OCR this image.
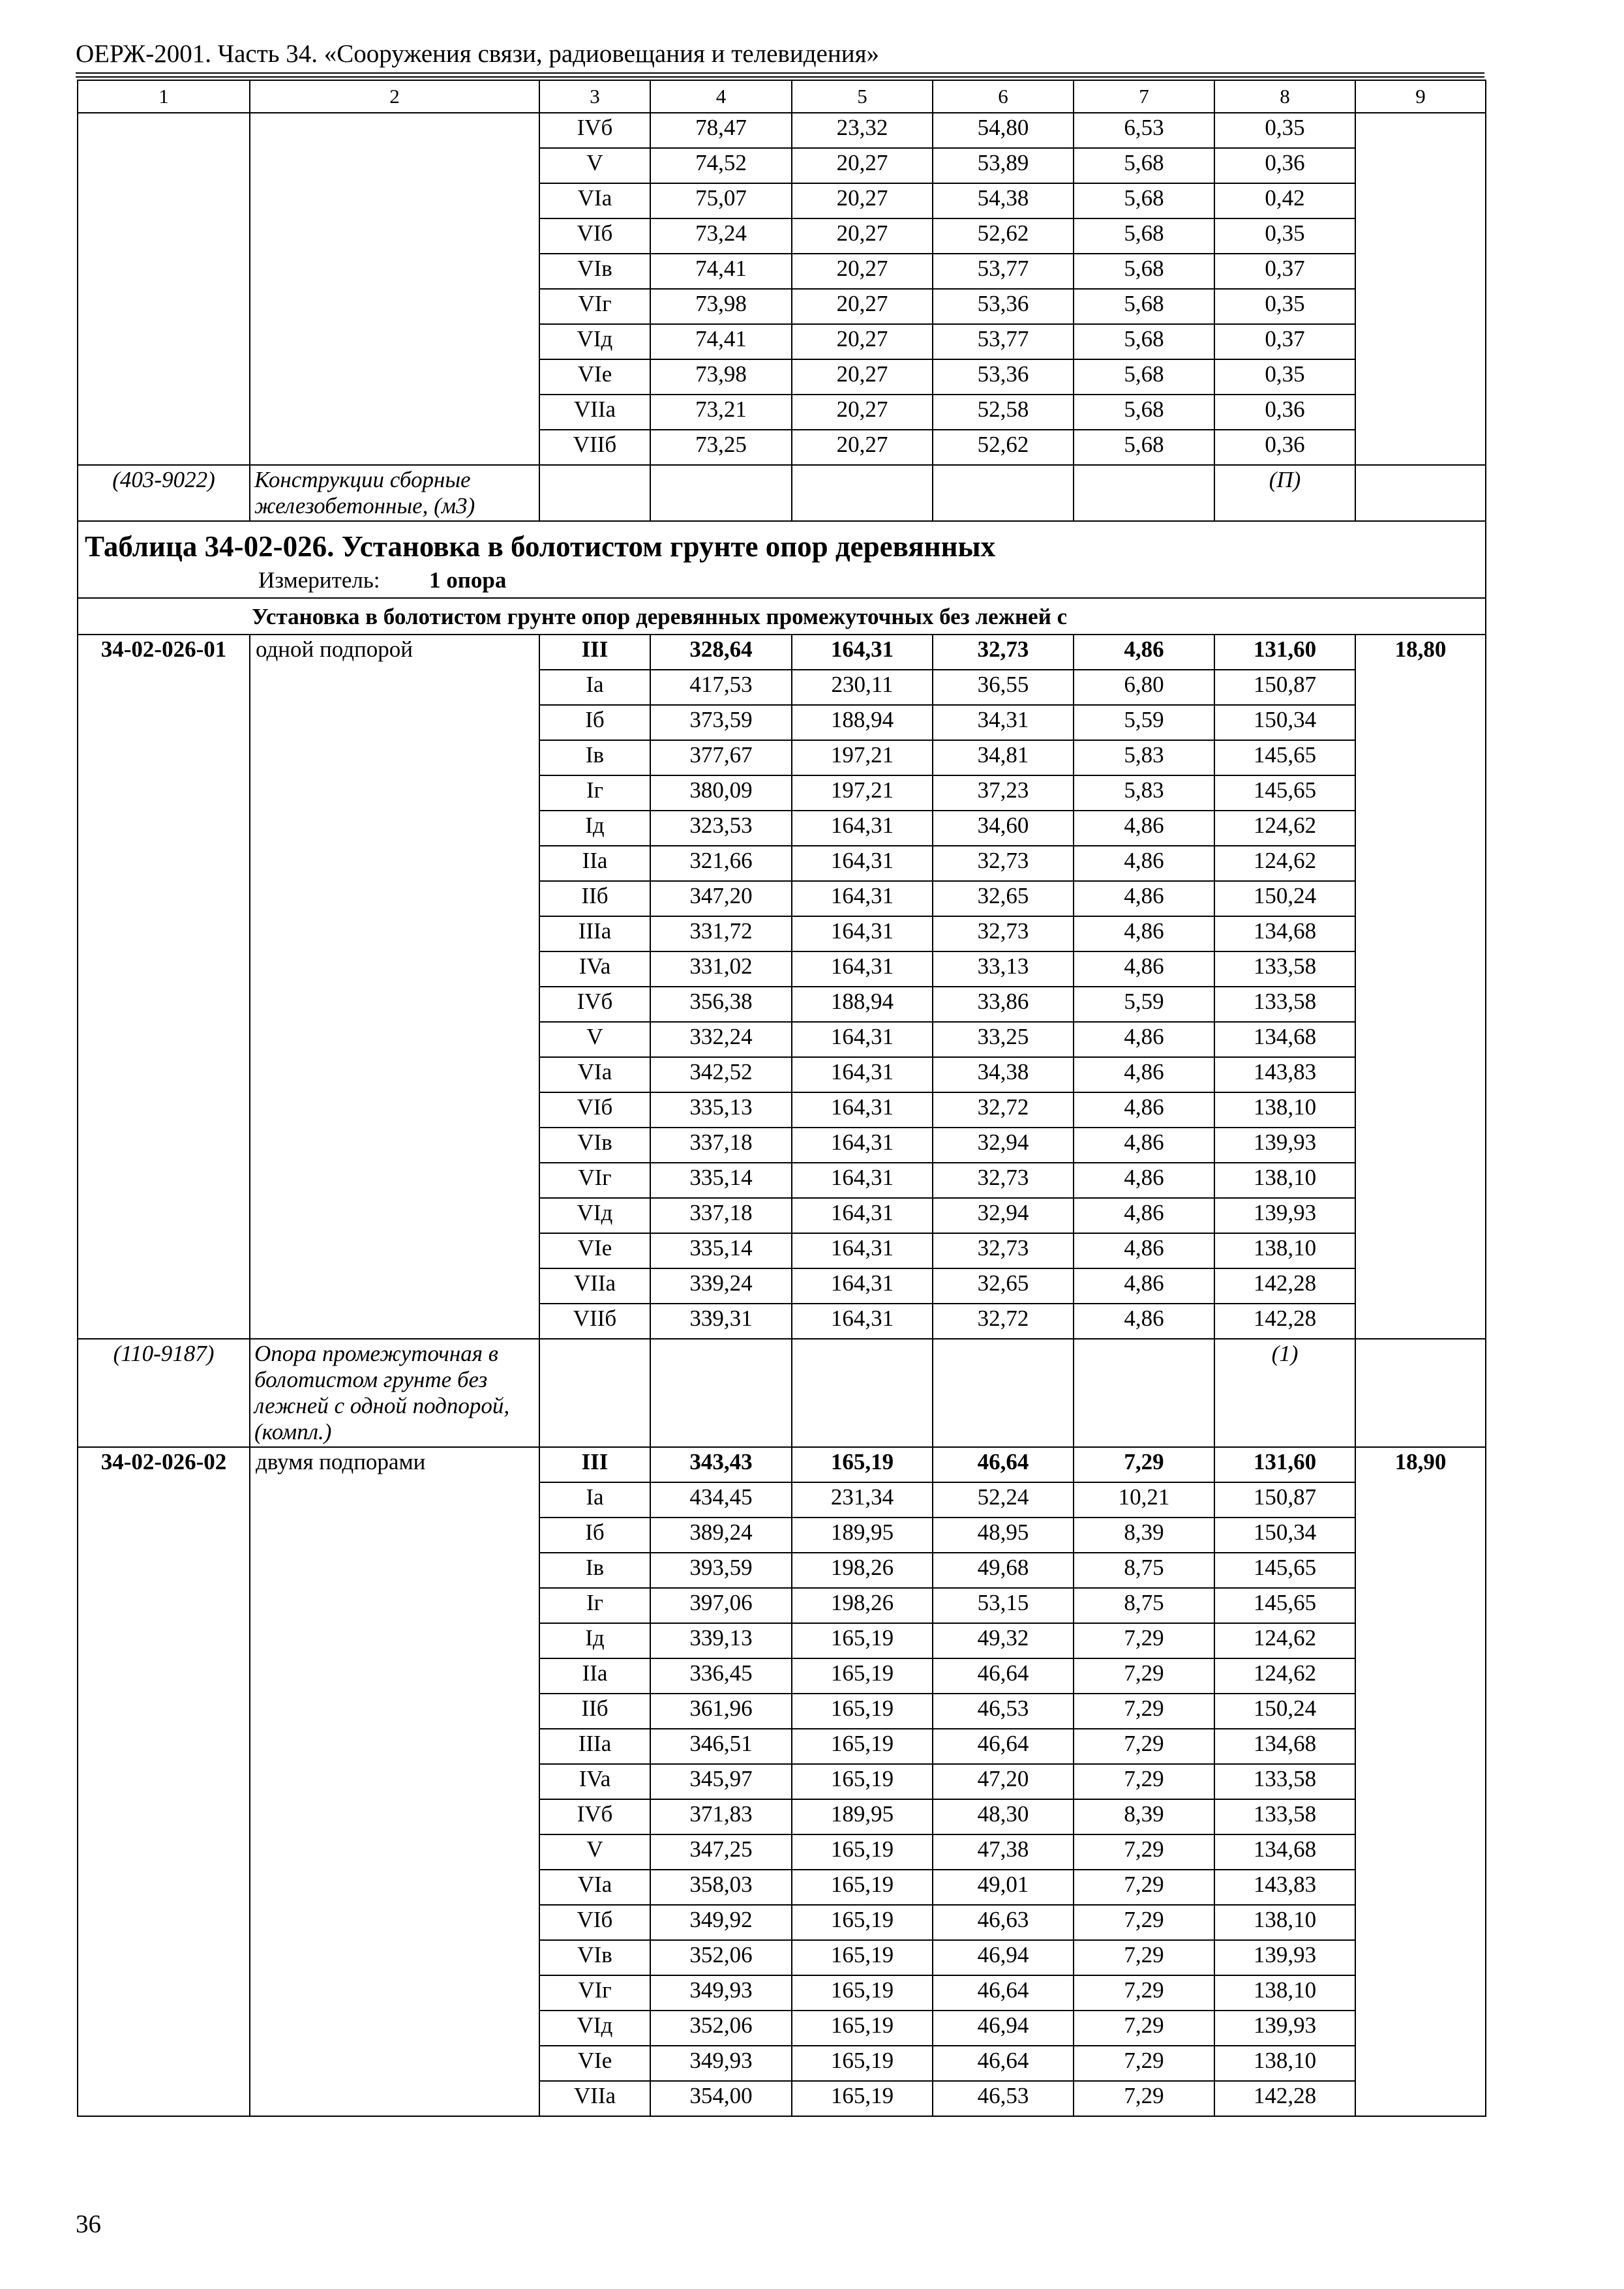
ОЕРЖ-2001. Часть 34. «Сооружения связи, радиовещания и телевидения»
1	2	3	4	5	6	7	8	9
		IVб	78,47	23,32	54,80	6,53	0,35	
		V	74,52	20,27	53,89	5,68	0,36	
		VIa	75,07	20,27	54,38	5,68	0,42	
		VIб	73,24	20,27	52,62	5,68	0,35	
		VIв	74,41	20,27	53,77	5,68	0,37	
		VIг	73,98	20,27	53,36	5,68	0,35	
		VIд	74,41	20,27	53,77	5,68	0,37	
		VIe	73,98	20,27	53,36	5,68	0,35	
		VIIa	73,21	20,27	52,58	5,68	0,36	
		VIIб	73,25	20,27	52,62	5,68	0,36	
(403-9022)	Конструкции сборные железобетонные, (м3)						(П)	
Таблица 34-02-026. Установка в болотистом грунте опор деревянных								
Измеритель: 1 опора								
Установка в болотистом грунте опор деревянных промежуточных без лежней с								
34-02-026-01	одной подпорой	III	328,64	164,31	32,73	4,86	131,60	18,80
		Ia	417,53	230,11	36,55	6,80	150,87	
		Iб	373,59	188,94	34,31	5,59	150,34	
		Iв	377,67	197,21	34,81	5,83	145,65	
		Iг	380,09	197,21	37,23	5,83	145,65	
		Iд	323,53	164,31	34,60	4,86	124,62	
		IIa	321,66	164,31	32,73	4,86	124,62	
		IIб	347,20	164,31	32,65	4,86	150,24	
		IIIa	331,72	164,31	32,73	4,86	134,68	
		IVa	331,02	164,31	33,13	4,86	133,58	
		IVб	356,38	188,94	33,86	5,59	133,58	
		V	332,24	164,31	33,25	4,86	134,68	
		VIa	342,52	164,31	34,38	4,86	143,83	
		VIб	335,13	164,31	32,72	4,86	138,10	
		VIв	337,18	164,31	32,94	4,86	139,93	
		VIг	335,14	164,31	32,73	4,86	138,10	
		VIд	337,18	164,31	32,94	4,86	139,93	
		VIe	335,14	164,31	32,73	4,86	138,10	
		VIIa	339,24	164,31	32,65	4,86	142,28	
		VIIб	339,31	164,31	32,72	4,86	142,28	
(110-9187)	Опора промежуточная в болотистом грунте без лежней с одной подпорой, (компл.)						(1)	
34-02-026-02	двумя подпорами	III	343,43	165,19	46,64	7,29	131,60	18,90
		Ia	434,45	231,34	52,24	10,21	150,87	
		Iб	389,24	189,95	48,95	8,39	150,34	
		Iв	393,59	198,26	49,68	8,75	145,65	
		Iг	397,06	198,26	53,15	8,75	145,65	
		Iд	339,13	165,19	49,32	7,29	124,62	
		IIa	336,45	165,19	46,64	7,29	124,62	
		IIб	361,96	165,19	46,53	7,29	150,24	
		IIIa	346,51	165,19	46,64	7,29	134,68	
		IVa	345,97	165,19	47,20	7,29	133,58	
		IVб	371,83	189,95	48,30	8,39	133,58	
		V	347,25	165,19	47,38	7,29	134,68	
		VIa	358,03	165,19	49,01	7,29	143,83	
		VIб	349,92	165,19	46,63	7,29	138,10	
		VIв	352,06	165,19	46,94	7,29	139,93	
		VIг	349,93	165,19	46,64	7,29	138,10	
		VIд	352,06	165,19	46,94	7,29	139,93	
		VIe	349,93	165,19	46,64	7,29	138,10	
		VIIa	354,00	165,19	46,53	7,29	142,28	
36
